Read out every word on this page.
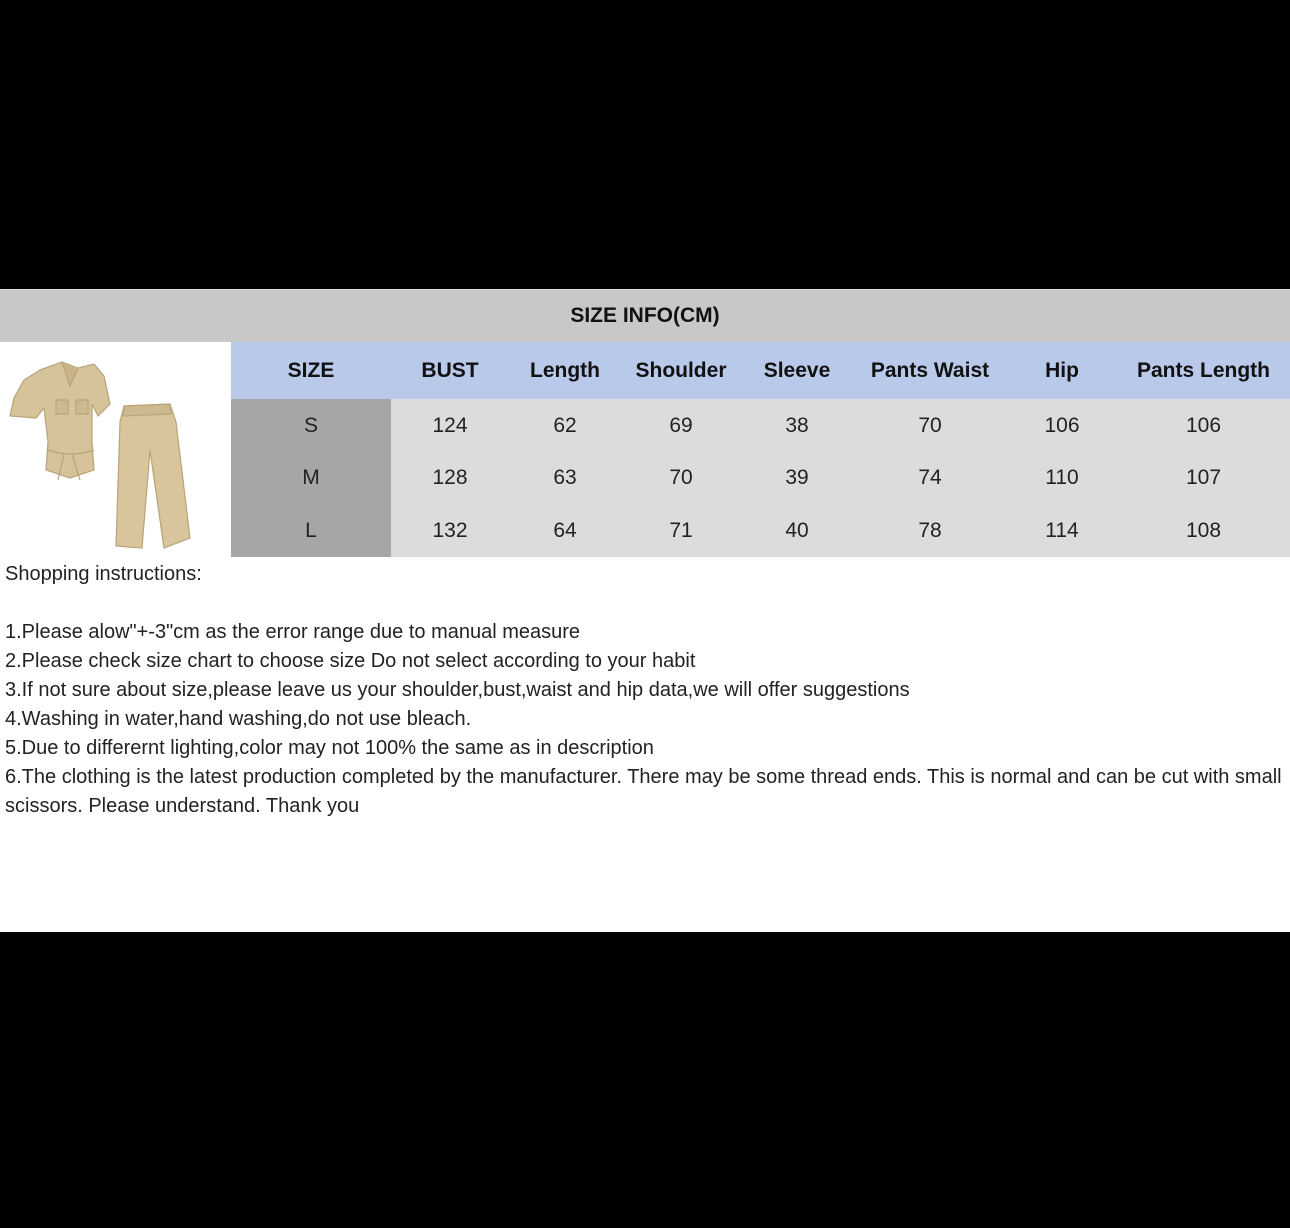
SIZE INFO(CM)
SIZE	BUST	Length	Shoulder	Sleeve	Pants Waist	Hip	Pants Length
S	124	62	69	38	70	106	106
M	128	63	70	39	74	110	107
L	132	64	71	40	78	114	108

Shopping instructions:

1.Please alow"+-3"cm as the error range due to manual measure

2.Please check size chart to choose size Do not select according to your habit

3.If not sure about size,please leave us your shoulder,bust,waist and hip data,we will offer suggestions

4.Washing in water,hand washing,do not use bleach.

5.Due to differernt lighting,color may not 100% the same as in description

6.The clothing is the latest production completed by the manufacturer. There may be some thread ends. This is normal and can be cut with small scissors. Please understand. Thank you
